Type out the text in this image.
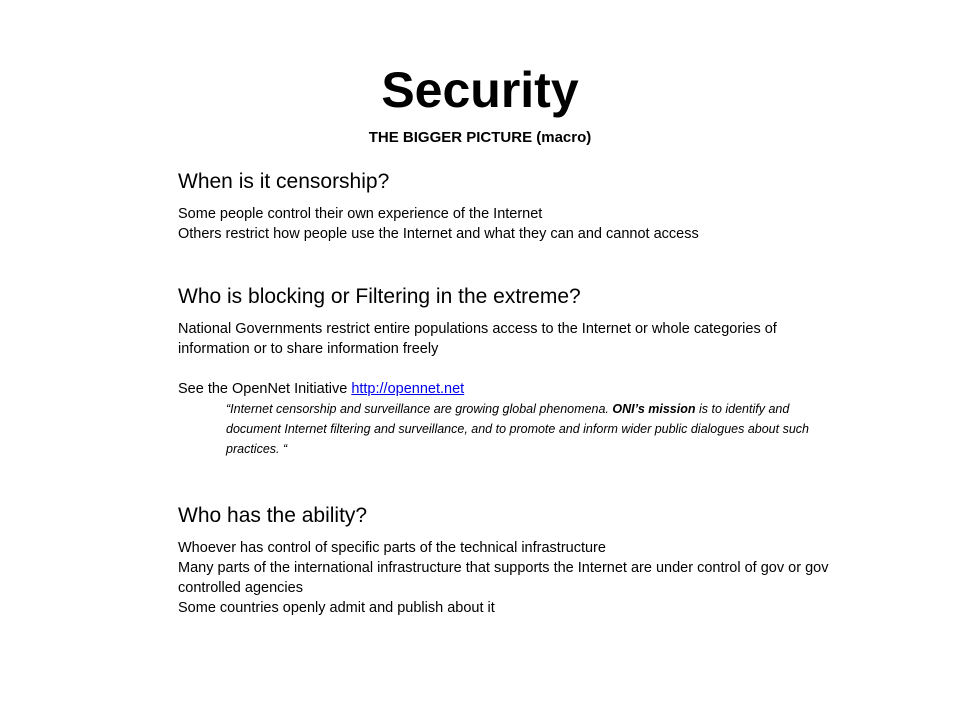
Security
THE BIGGER PICTURE (macro)

When is it censorship?

Some people control their own experience of the Internet

Others restrict how people use the Internet and what they can and cannot access

Who is blocking or Filtering in the extreme?

National Governments restrict entire populations access to the Internet or whole categories of information or to share information freely

See the OpenNet Initiative http://opennet.net

“Internet censorship and surveillance are growing global phenomena. ONI’s mission is to identify and document Internet filtering and surveillance, and to promote and inform wider public dialogues about such practices. “

Who has the ability?

Whoever has control of specific parts of the technical infrastructure

Many parts of the international infrastructure that supports the Internet are under control of gov or gov controlled agencies

Some countries openly admit and publish about it
